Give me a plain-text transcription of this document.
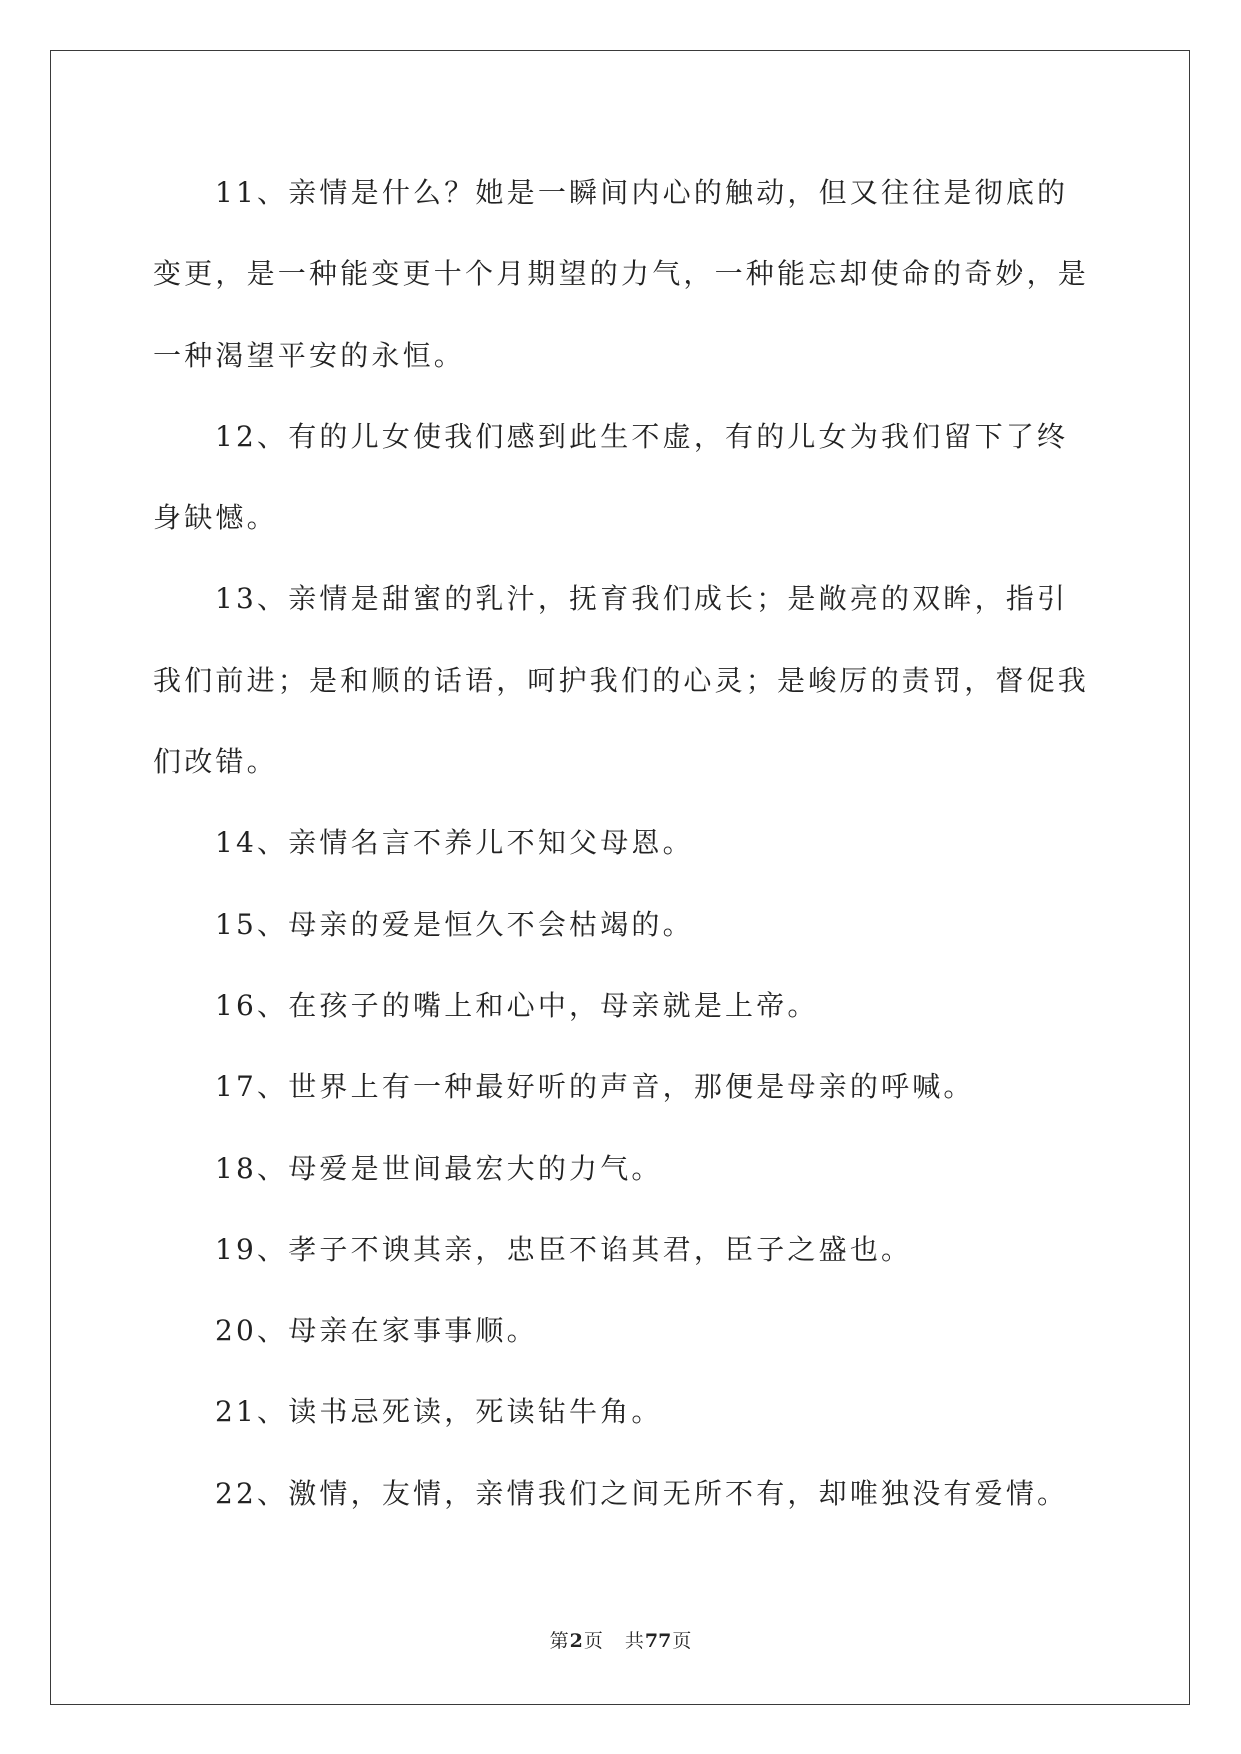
11、亲情是什么？她是一瞬间内心的触动，但又往往是彻底的变更，是一种能变更十个月期望的力气，一种能忘却使命的奇妙，是一种渴望平安的永恒。

12、有的儿女使我们感到此生不虚，有的儿女为我们留下了终身缺憾。

13、亲情是甜蜜的乳汁，抚育我们成长；是敞亮的双眸，指引我们前进；是和顺的话语，呵护我们的心灵；是峻厉的责罚，督促我们改错。

14、亲情名言不养儿不知父母恩。

15、母亲的爱是恒久不会枯竭的。

16、在孩子的嘴上和心中，母亲就是上帝。

17、世界上有一种最好听的声音，那便是母亲的呼喊。

18、母爱是世间最宏大的力气。

19、孝子不谀其亲，忠臣不谄其君，臣子之盛也。

20、母亲在家事事顺。

21、读书忌死读，死读钻牛角。

22、激情，友情，亲情我们之间无所不有，却唯独没有爱情。

第2页 共77页
